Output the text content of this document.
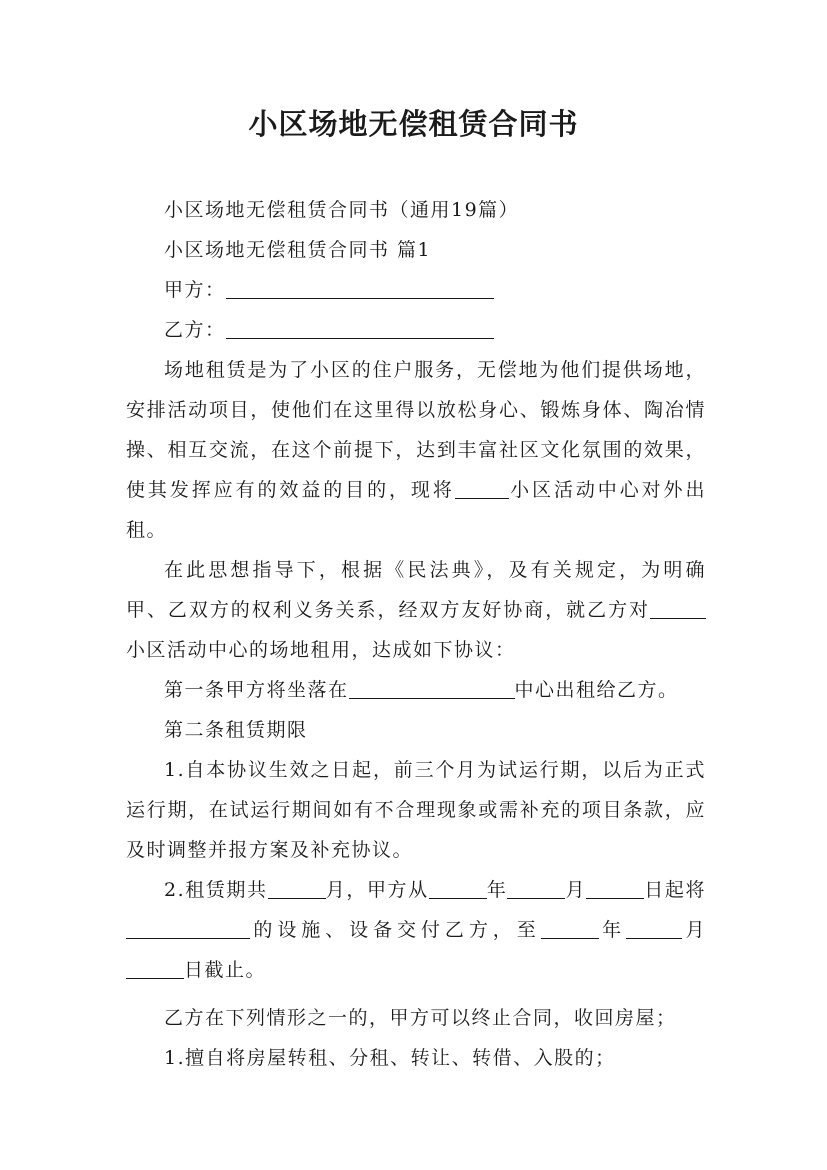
小区场地无偿租赁合同书

小区场地无偿租赁合同书（通用19篇）

小区场地无偿租赁合同书 篇1

甲方：

乙方：

场地租赁是为了小区的住户服务，无偿地为他们提供场地，安排活动项目，使他们在这里得以放松身心、锻炼身体、陶冶情操、相互交流，在这个前提下，达到丰富社区文化氛围的效果，使其发挥应有的效益的目的，现将	小区活动中心对外出租。

在此思想指导下，根据《民法典》，及有关规定，为明确甲、乙双方的权利义务关系，经双方友好协商，就乙方对小区活动中心的场地租用，达成如下协议：

第一条甲方将坐落在	中心出租给乙方。

第二条租赁期限

1.自本协议生效之日起，前三个月为试运行期，以后为正式运行期，在试运行期间如有不合理现象或需补充的项目条款，应及时调整并报方案及补充协议。

2.租赁期共	月，甲方从	年	月	日起将的设施、设备交付乙方，至	年	月日截止。

乙方在下列情形之一的，甲方可以终止合同，收回房屋；

1.擅自将房屋转租、分租、转让、转借、入股的；
